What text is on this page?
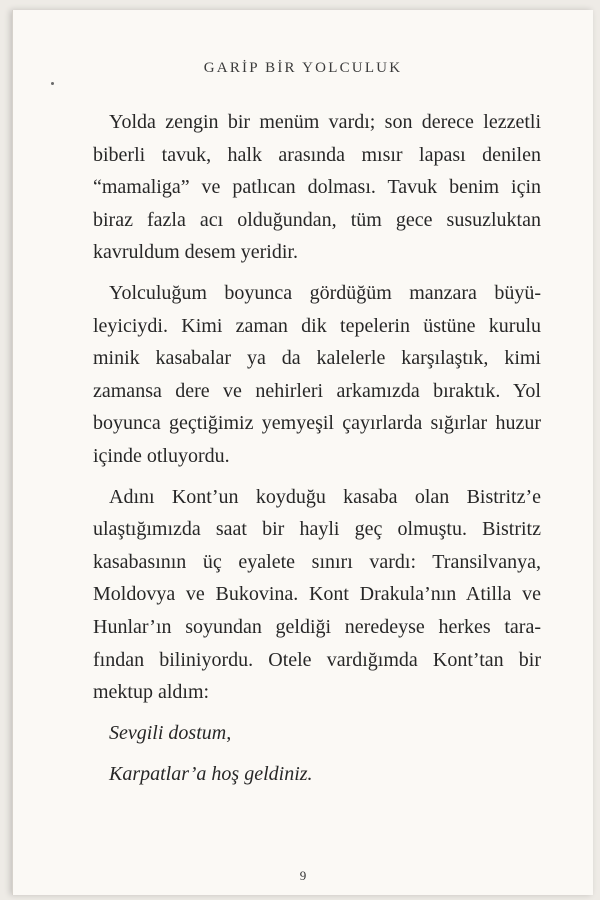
GARİP BİR YOLCULUK

Yolda zengin bir menüm vardı; son derece lezzetli biberli tavuk, halk arasında mısır lapası denilen “mamaliga” ve patlıcan dolması. Tavuk benim için biraz fazla acı olduğundan, tüm gece susuzluktan kavruldum desem yeridir.

Yolculuğum boyunca gördüğüm manzara büyüleyiciydi. Kimi zaman dik tepelerin üstüne kurulu minik kasabalar ya da kalelerle karşılaştık, kimi zamansa dere ve nehirleri arkamızda bıraktık. Yol boyunca geçtiğimiz yemyeşil çayırlarda sığırlar huzur içinde otluyordu.

Adını Kont’un koyduğu kasaba olan Bistritz’e ulaştığımızda saat bir hayli geç olmuştu. Bistritz kasabasının üç eyalete sınırı vardı: Transilvanya, Moldovya ve Bukovina. Kont Drakula’nın Atilla ve Hunlar’ın soyundan geldiği neredeyse herkes tarafından biliniyordu. Otele vardığımda Kont’tan bir mektup aldım:

Sevgili dostum,

Karpatlar’a hoş geldiniz.

9
